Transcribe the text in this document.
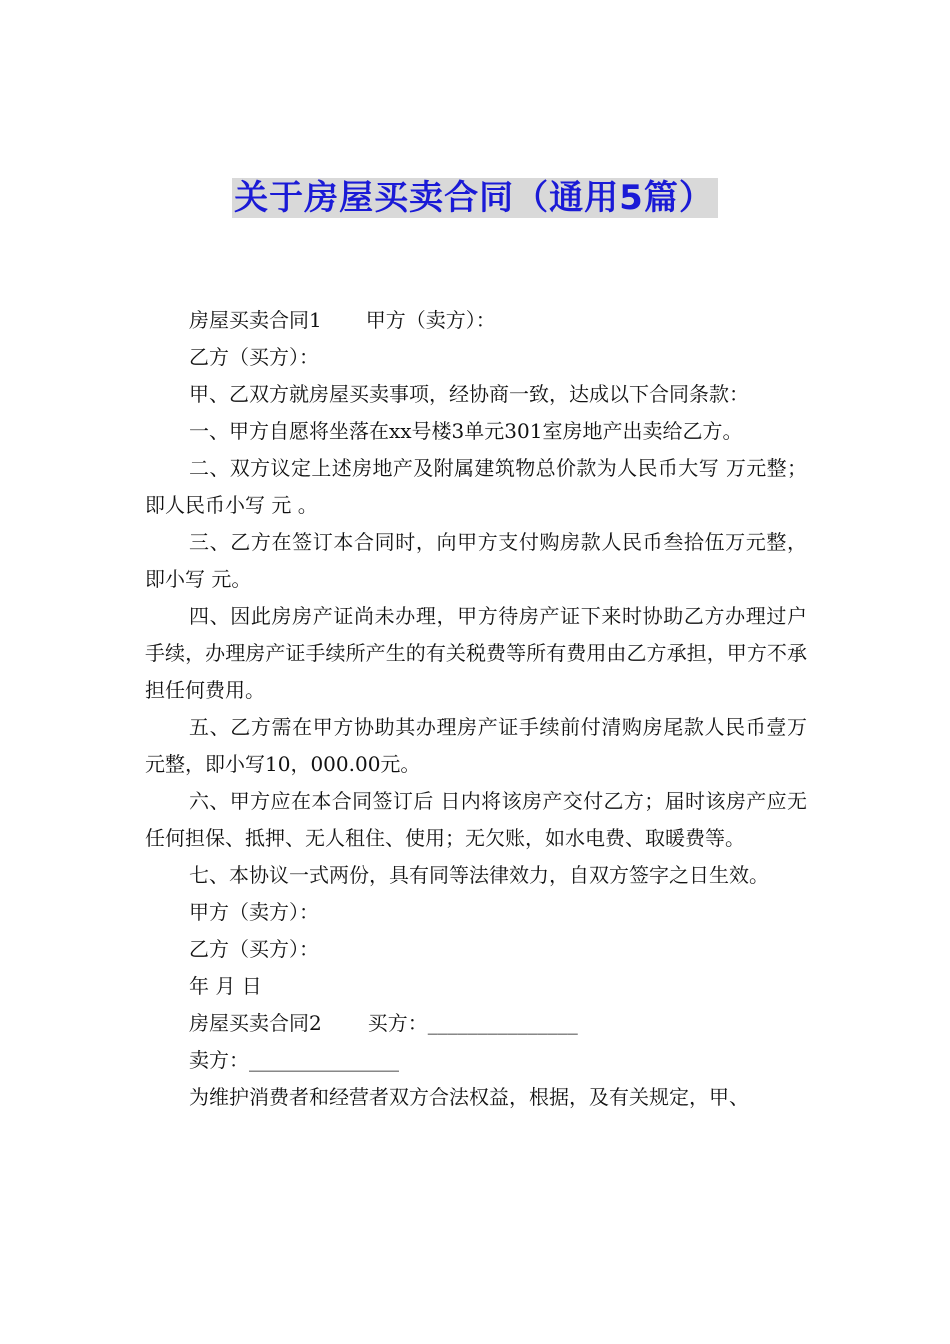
关于房屋买卖合同（通用5篇）

房屋买卖合同1 甲方（卖方）：

乙方（买方）：

甲、乙双方就房屋买卖事项，经协商一致，达成以下合同条款：

一、甲方自愿将坐落在xx号楼3单元301室房地产出卖给乙方。

二、双方议定上述房地产及附属建筑物总价款为人民币大写 万元整；即人民币小写 元 。

三、乙方在签订本合同时，向甲方支付购房款人民币叁拾伍万元整，即小写 元。

四、因此房房产证尚未办理，甲方待房产证下来时协助乙方办理过户手续，办理房产证手续所产生的有关税费等所有费用由乙方承担，甲方不承担任何费用。

五、乙方需在甲方协助其办理房产证手续前付清购房尾款人民币壹万元整，即小写10，000.00元。

六、甲方应在本合同签订后 日内将该房产交付乙方；届时该房产应无任何担保、抵押、无人租住、使用；无欠账，如水电费、取暖费等。

七、本协议一式两份，具有同等法律效力，自双方签字之日生效。

甲方（卖方）：

乙方（买方）：

年 月 日

房屋买卖合同2 买方：_______________

卖方：_______________

为维护消费者和经营者双方合法权益，根据，及有关规定，甲、
